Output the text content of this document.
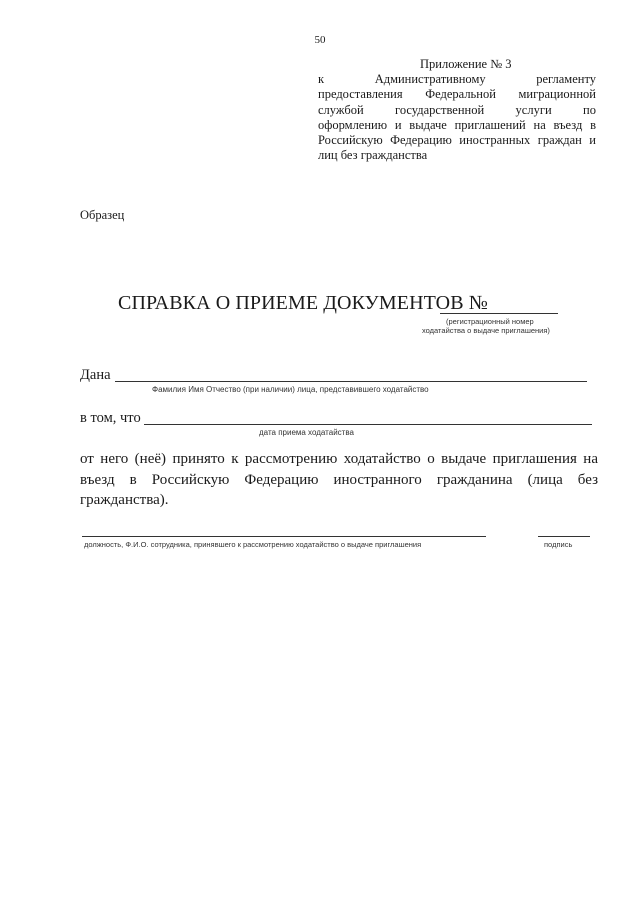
50
Приложение № 3
к Административному регламенту
предоставления Федеральной миграционной
службой государственной услуги по
оформлению и выдаче приглашений на въезд в
Российскую Федерацию иностранных граждан и
лиц без гражданства
Образец
СПРАВКА О ПРИЕМЕ ДОКУМЕНТОВ №
(регистрационный номер
ходатайства о выдаче приглашения)
Дана
Фамилия Имя Отчество (при наличии) лица, представившего ходатайство
в том, что
дата приема ходатайства
от него (неё) принято к рассмотрению ходатайство о выдаче приглашения на
въезд в Российскую Федерацию иностранного гражданина (лица без
гражданства).
должность, Ф.И.О. сотрудника, принявшего к рассмотрению ходатайство о выдаче приглашения	подпись
